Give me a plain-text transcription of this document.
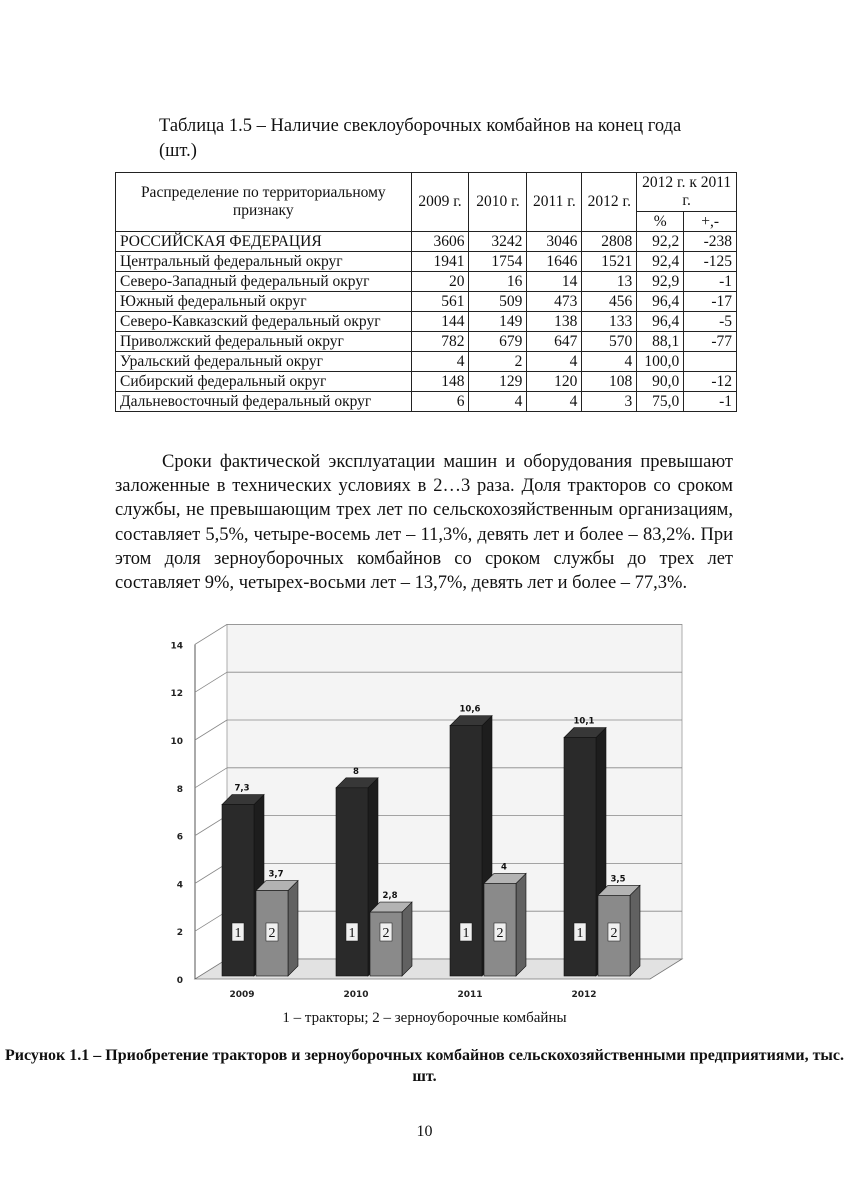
Таблица 1.5 – Наличие свеклоуборочных комбайнов на конец года (шт.)
Распределение по территориальному признаку	2009 г.	2010 г.	2011 г.	2012 г.	2012 г. к 2011 г.	
					%	+,-
РОССИЙСКАЯ ФЕДЕРАЦИЯ	3606	3242	3046	2808	92,2	-238
Центральный федеральный округ	1941	1754	1646	1521	92,4	-125
Северо-Западный федеральный округ	20	16	14	13	92,9	-1
Южный федеральный округ	561	509	473	456	96,4	-17
Северо-Кавказский федеральный округ	144	149	138	133	96,4	-5
Приволжский федеральный округ	782	679	647	570	88,1	-77
Уральский федеральный округ	4	2	4	4	100,0	
Сибирский федеральный округ	148	129	120	108	90,0	-12
Дальневосточный федеральный округ	6	4	4	3	75,0	-1

Сроки фактической эксплуатации машин и оборудования превышают заложенные в технических условиях в 2…3 раза. Доля тракторов со сроком службы, не превышающим трех лет по сельскохозяйственным организациям, составляет 5,5%, четыре-восемь лет – 11,3%, девять лет и более – 83,2%. При этом доля зерноуборочных комбайнов со сроком службы до трех лет составляет 9%, четырех-восьми лет – 13,7%, девять лет и более – 77,3%.

0
2
4
6
8
10
12
14
7,3
1
3,7
2
2009
8
1
2,8
2
2010
10,6
1
4
2
2011
10,1
1
3,5
2
2012
1 – тракторы; 2 – зерноуборочные комбайны
Рисунок 1.1 – Приобретение тракторов и зерноуборочных комбайнов сельскохозяйственными предприятиями, тыс. шт.
10
